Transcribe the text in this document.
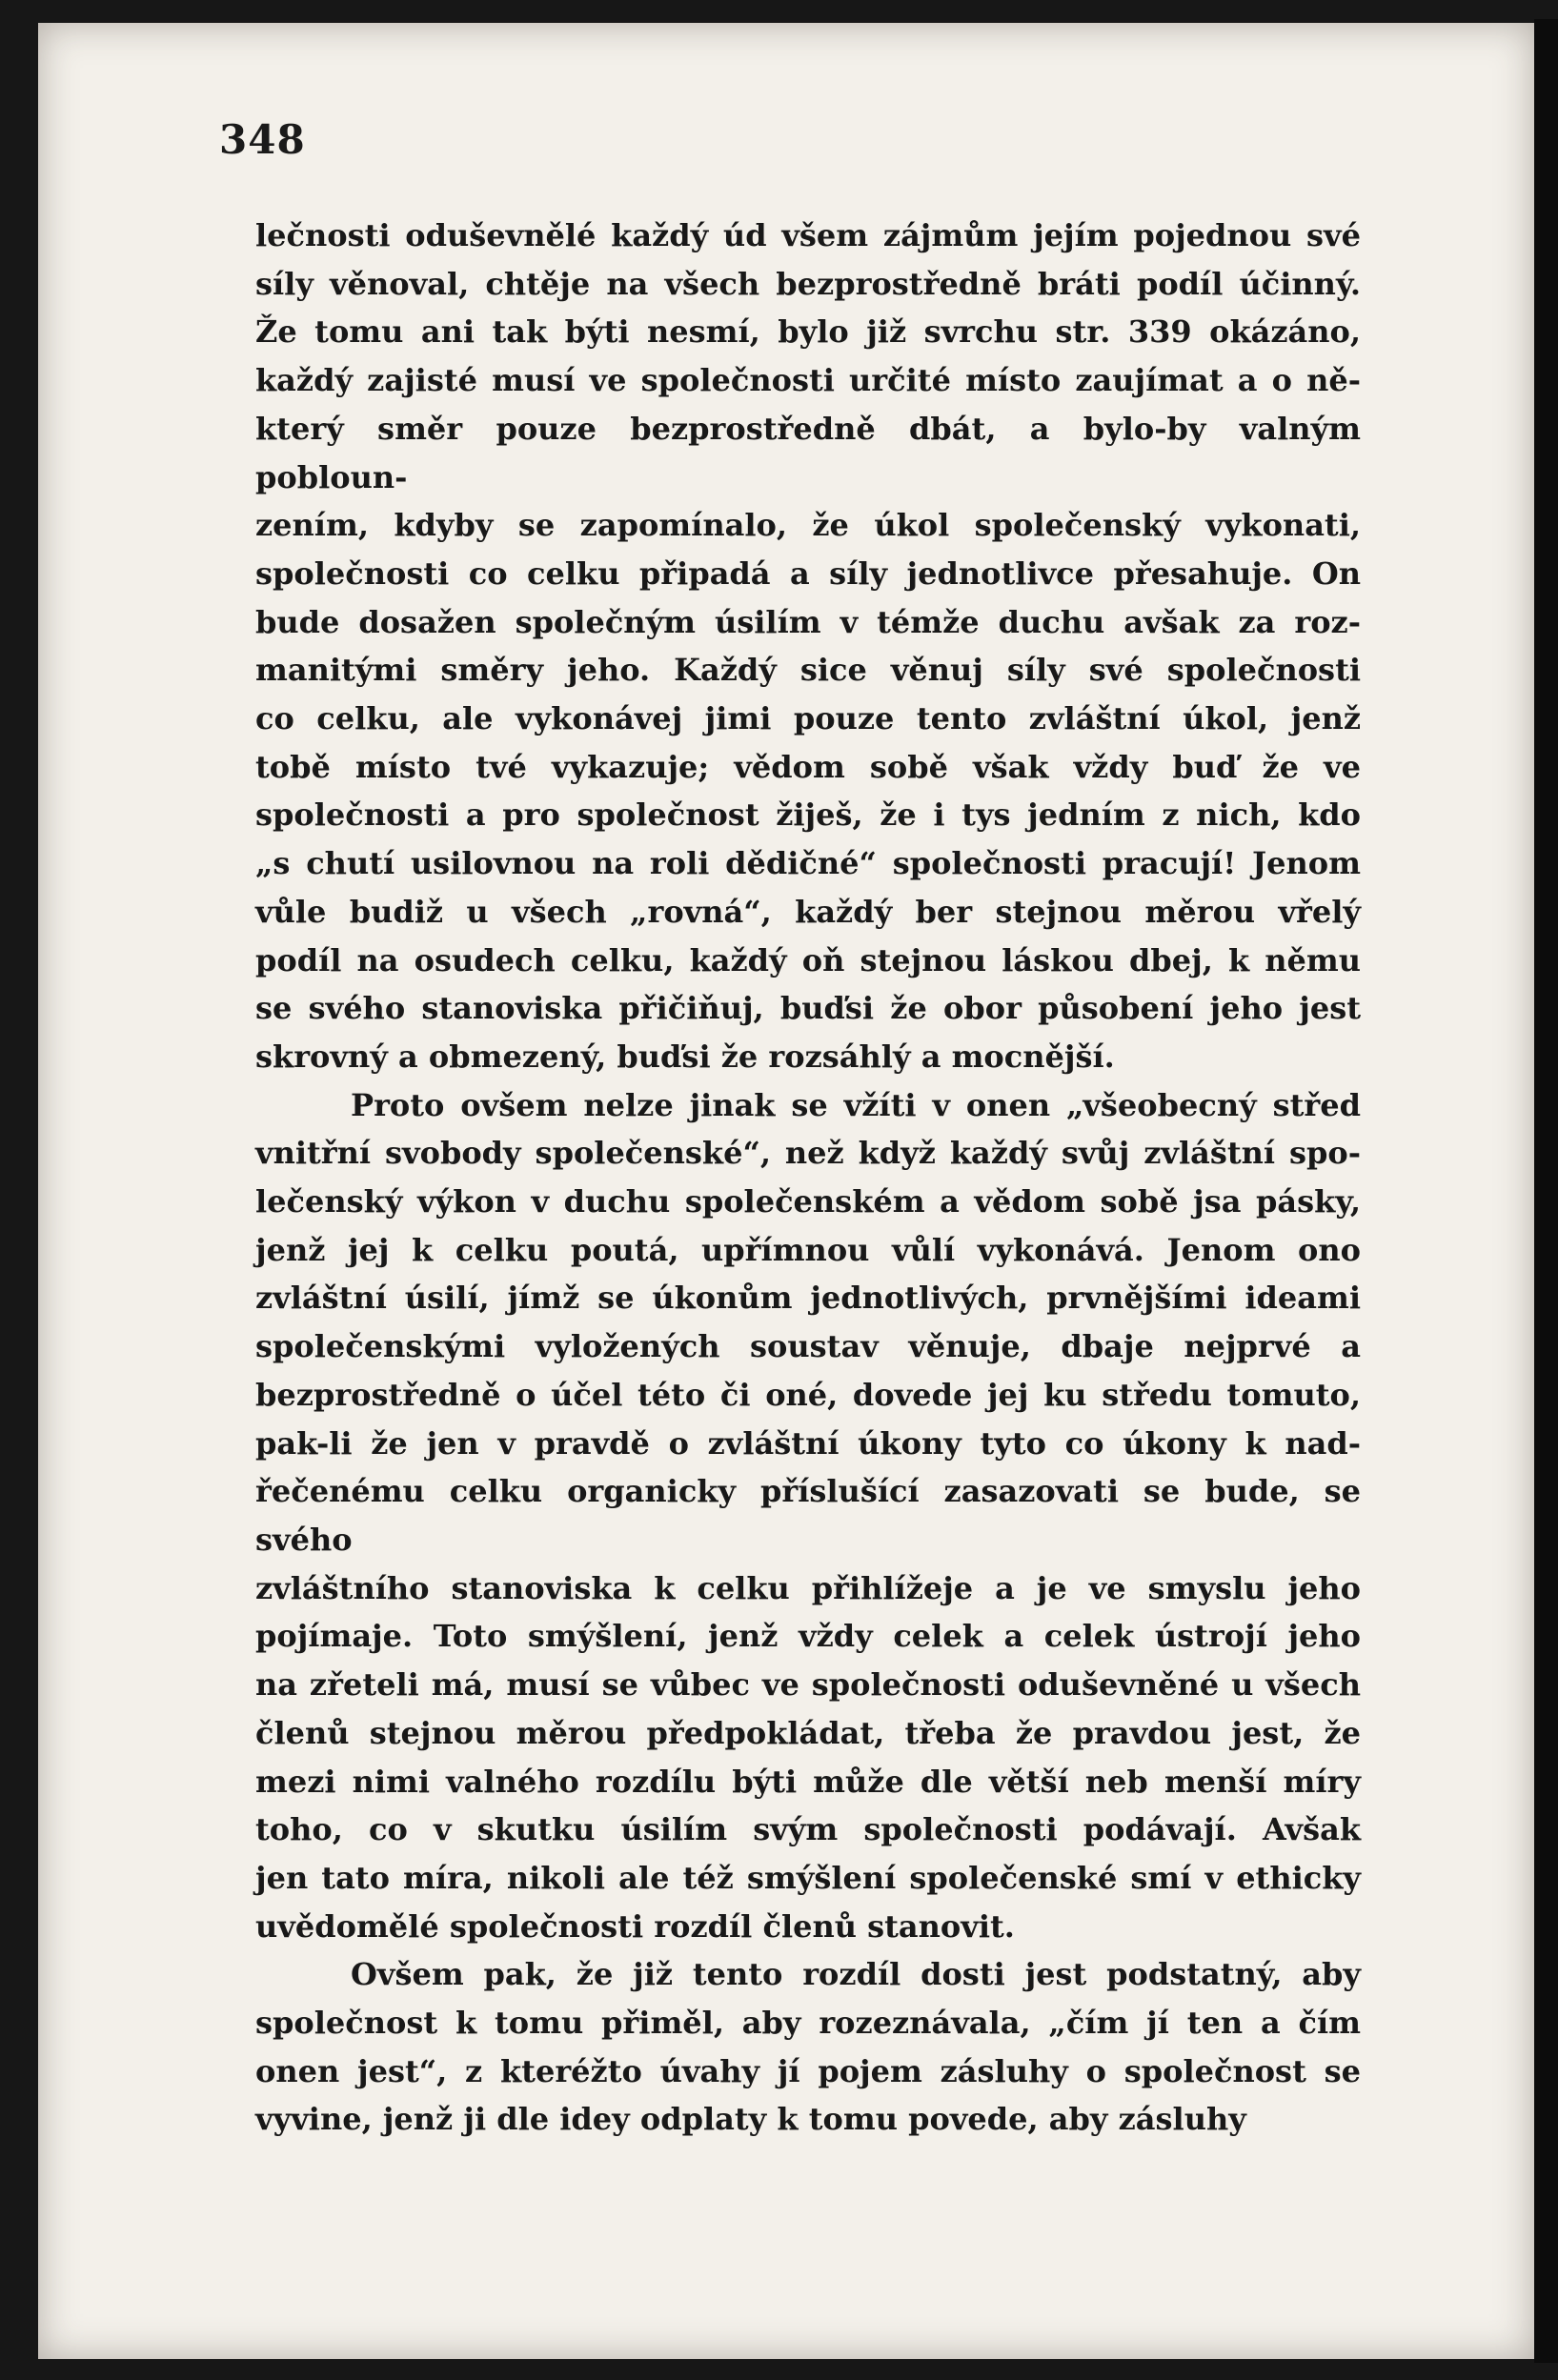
348
lečnosti oduševnělé každý úd všem zájmům jejím pojednou své
síly věnoval, chtěje na všech bezprostředně bráti podíl účinný.
Že tomu ani tak býti nesmí, bylo již svrchu str. 339 okázáno,
každý zajisté musí ve společnosti určité místo zaujímat a o ně-
který směr pouze bezprostředně dbát, a bylo-by valným pobloun-
zením, kdyby se zapomínalo, že úkol společenský vykonati,
společnosti co celku připadá a síly jednotlivce přesahuje. On
bude dosažen společným úsilím v témže duchu avšak za roz-
manitými směry jeho. Každý sice věnuj síly své společnosti
co celku, ale vykonávej jimi pouze tento zvláštní úkol, jenž
tobě místo tvé vykazuje; vědom sobě však vždy buď že ve
společnosti a pro společnost žiješ, že i tys jedním z nich, kdo
„s chutí usilovnou na roli dědičné“ společnosti pracují! Jenom
vůle budiž u všech „rovná“, každý ber stejnou měrou vřelý
podíl na osudech celku, každý oň stejnou láskou dbej, k němu
se svého stanoviska přičiňuj, buďsi že obor působení jeho jest
skrovný a obmezený, buďsi že rozsáhlý a mocnější.
Proto ovšem nelze jinak se vžíti v onen „všeobecný střed
vnitřní svobody společenské“, než když každý svůj zvláštní spo-
lečenský výkon v duchu společenském a vědom sobě jsa pásky,
jenž jej k celku poutá, upřímnou vůlí vykonává. Jenom ono
zvláštní úsilí, jímž se úkonům jednotlivých, prvnějšími ideami
společenskými vyložených soustav věnuje, dbaje nejprvé a
bezprostředně o účel této či oné, dovede jej ku středu tomuto,
pak-li že jen v pravdě o zvláštní úkony tyto co úkony k nad-
řečenému celku organicky příslušící zasazovati se bude, se svého
zvláštního stanoviska k celku přihlížeje a je ve smyslu jeho
pojímaje. Toto smýšlení, jenž vždy celek a celek ústrojí jeho
na zřeteli má, musí se vůbec ve společnosti oduševněné u všech
členů stejnou měrou předpokládat, třeba že pravdou jest, že
mezi nimi valného rozdílu býti může dle větší neb menší míry
toho, co v skutku úsilím svým společnosti podávají. Avšak
jen tato míra, nikoli ale též smýšlení společenské smí v ethicky
uvědomělé společnosti rozdíl členů stanovit.
Ovšem pak, že již tento rozdíl dosti jest podstatný, aby
společnost k tomu přiměl, aby rozeznávala, „čím jí ten a čím
onen jest“, z kteréžto úvahy jí pojem zásluhy o společnost se
vyvine, jenž ji dle idey odplaty k tomu povede, aby zásluhy
